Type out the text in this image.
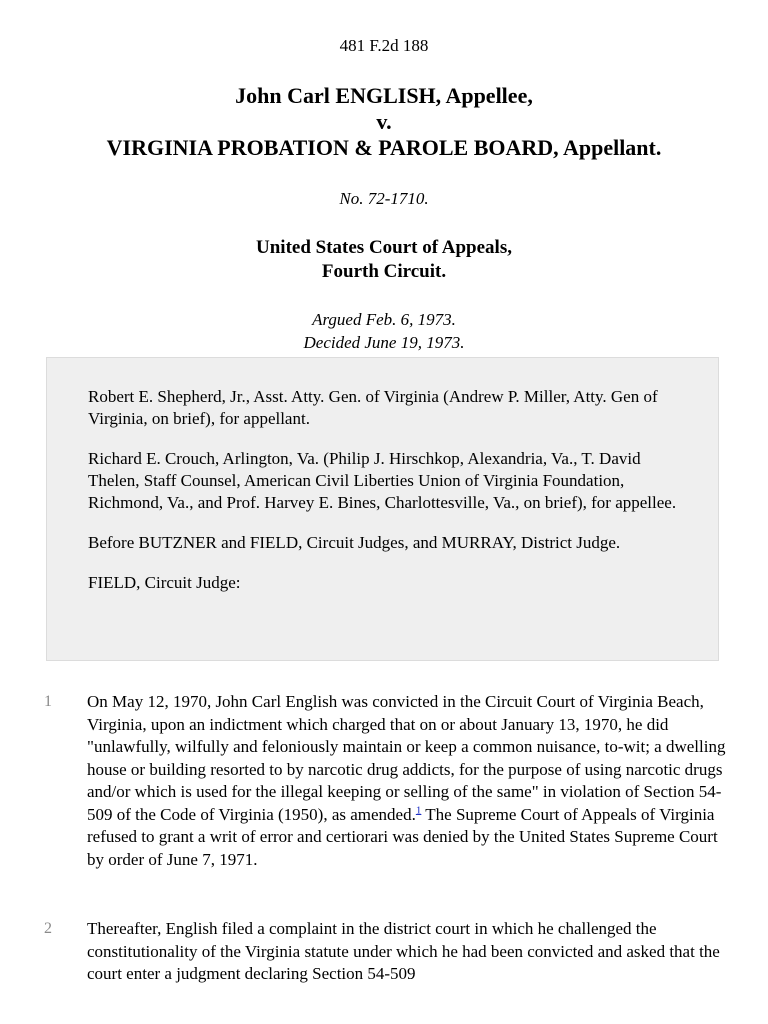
481 F.2d 188
John Carl ENGLISH, Appellee,
v.
VIRGINIA PROBATION & PAROLE BOARD, Appellant.
No. 72-1710.
United States Court of Appeals,
Fourth Circuit.
Argued Feb. 6, 1973.
Decided June 19, 1973.

Robert E. Shepherd, Jr., Asst. Atty. Gen. of Virginia (Andrew P. Miller, Atty. Gen of Virginia, on brief), for appellant.

Richard E. Crouch, Arlington, Va. (Philip J. Hirschkop, Alexandria, Va., T. David Thelen, Staff Counsel, American Civil Liberties Union of Virginia Foundation, Richmond, Va., and Prof. Harvey E. Bines, Charlottesville, Va., on brief), for appellee.

Before BUTZNER and FIELD, Circuit Judges, and MURRAY, District Judge.

FIELD, Circuit Judge:

1	On May 12, 1970, John Carl English was convicted in the Circuit Court of Virginia Beach, Virginia, upon an indictment which charged that on or about January 13, 1970, he did "unlawfully, wilfully and feloniously maintain or keep a common nuisance, to-wit; a dwelling house or building resorted to by narcotic drug addicts, for the purpose of using narcotic drugs and/or which is used for the illegal keeping or selling of the same" in violation of Section 54-509 of the Code of Virginia (1950), as amended.$^1$ The Supreme Court of Appeals of Virginia refused to grant a writ of error and certiorari was denied by the United States Supreme Court by order of June 7, 1971.
2	Thereafter, English filed a complaint in the district court in which he challenged the constitutionality of the Virginia statute under which he had been convicted and asked that the court enter a judgment declaring Section 54-509
